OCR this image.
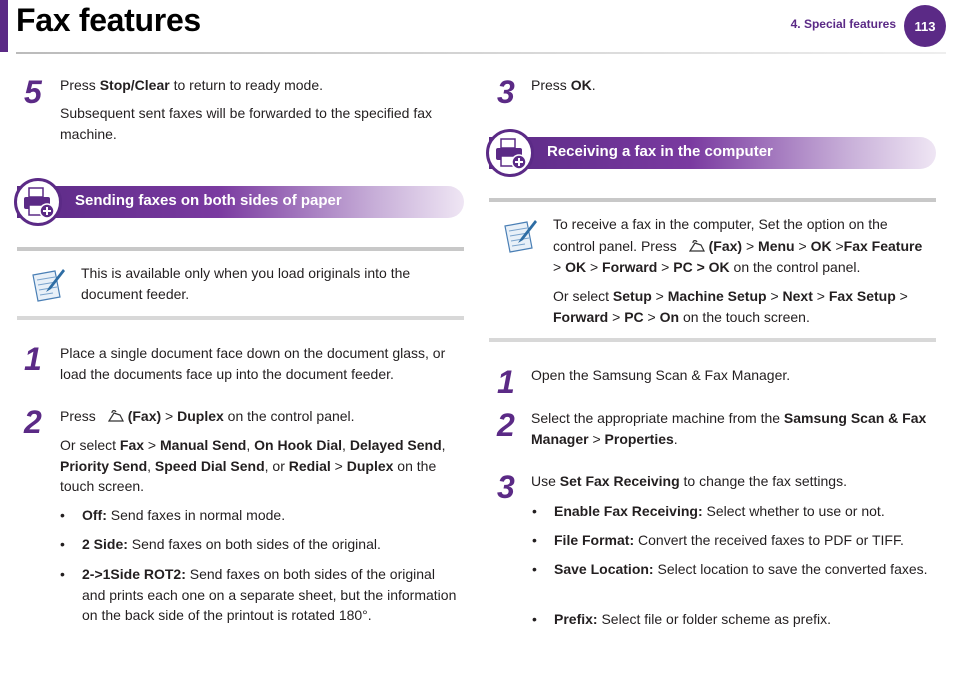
Fax features	4. Special features 113
5 Press Stop/Clear to return to ready mode.
Subsequent sent faxes will be forwarded to the specified fax machine.
Sending faxes on both sides of paper
This is available only when you load originals into the document feeder.
1 Place a single document face down on the document glass, or load the documents face up into the document feeder.
2 Press (Fax) > Duplex on the control panel.
Or select Fax > Manual Send, On Hook Dial, Delayed Send, Priority Send, Speed Dial Send, or Redial > Duplex on the touch screen.
• Off: Send faxes in normal mode.
• 2 Side: Send faxes on both sides of the original.
• 2->1Side ROT2: Send faxes on both sides of the original and prints each one on a separate sheet, but the information on the back side of the printout is rotated 180°.
3 Press OK.
Receiving a fax in the computer
To receive a fax in the computer, Set the option on the control panel. Press (Fax) > Menu > OK >Fax Feature > OK > Forward > PC > OK on the control panel.
Or select Setup > Machine Setup > Next > Fax Setup > Forward > PC > On on the touch screen.
1 Open the Samsung Scan & Fax Manager.
2 Select the appropriate machine from the Samsung Scan & Fax Manager > Properties.
3 Use Set Fax Receiving to change the fax settings.
• Enable Fax Receiving: Select whether to use or not.
• File Format: Convert the received faxes to PDF or TIFF.
• Save Location: Select location to save the converted faxes.
• Prefix: Select file or folder scheme as prefix.
